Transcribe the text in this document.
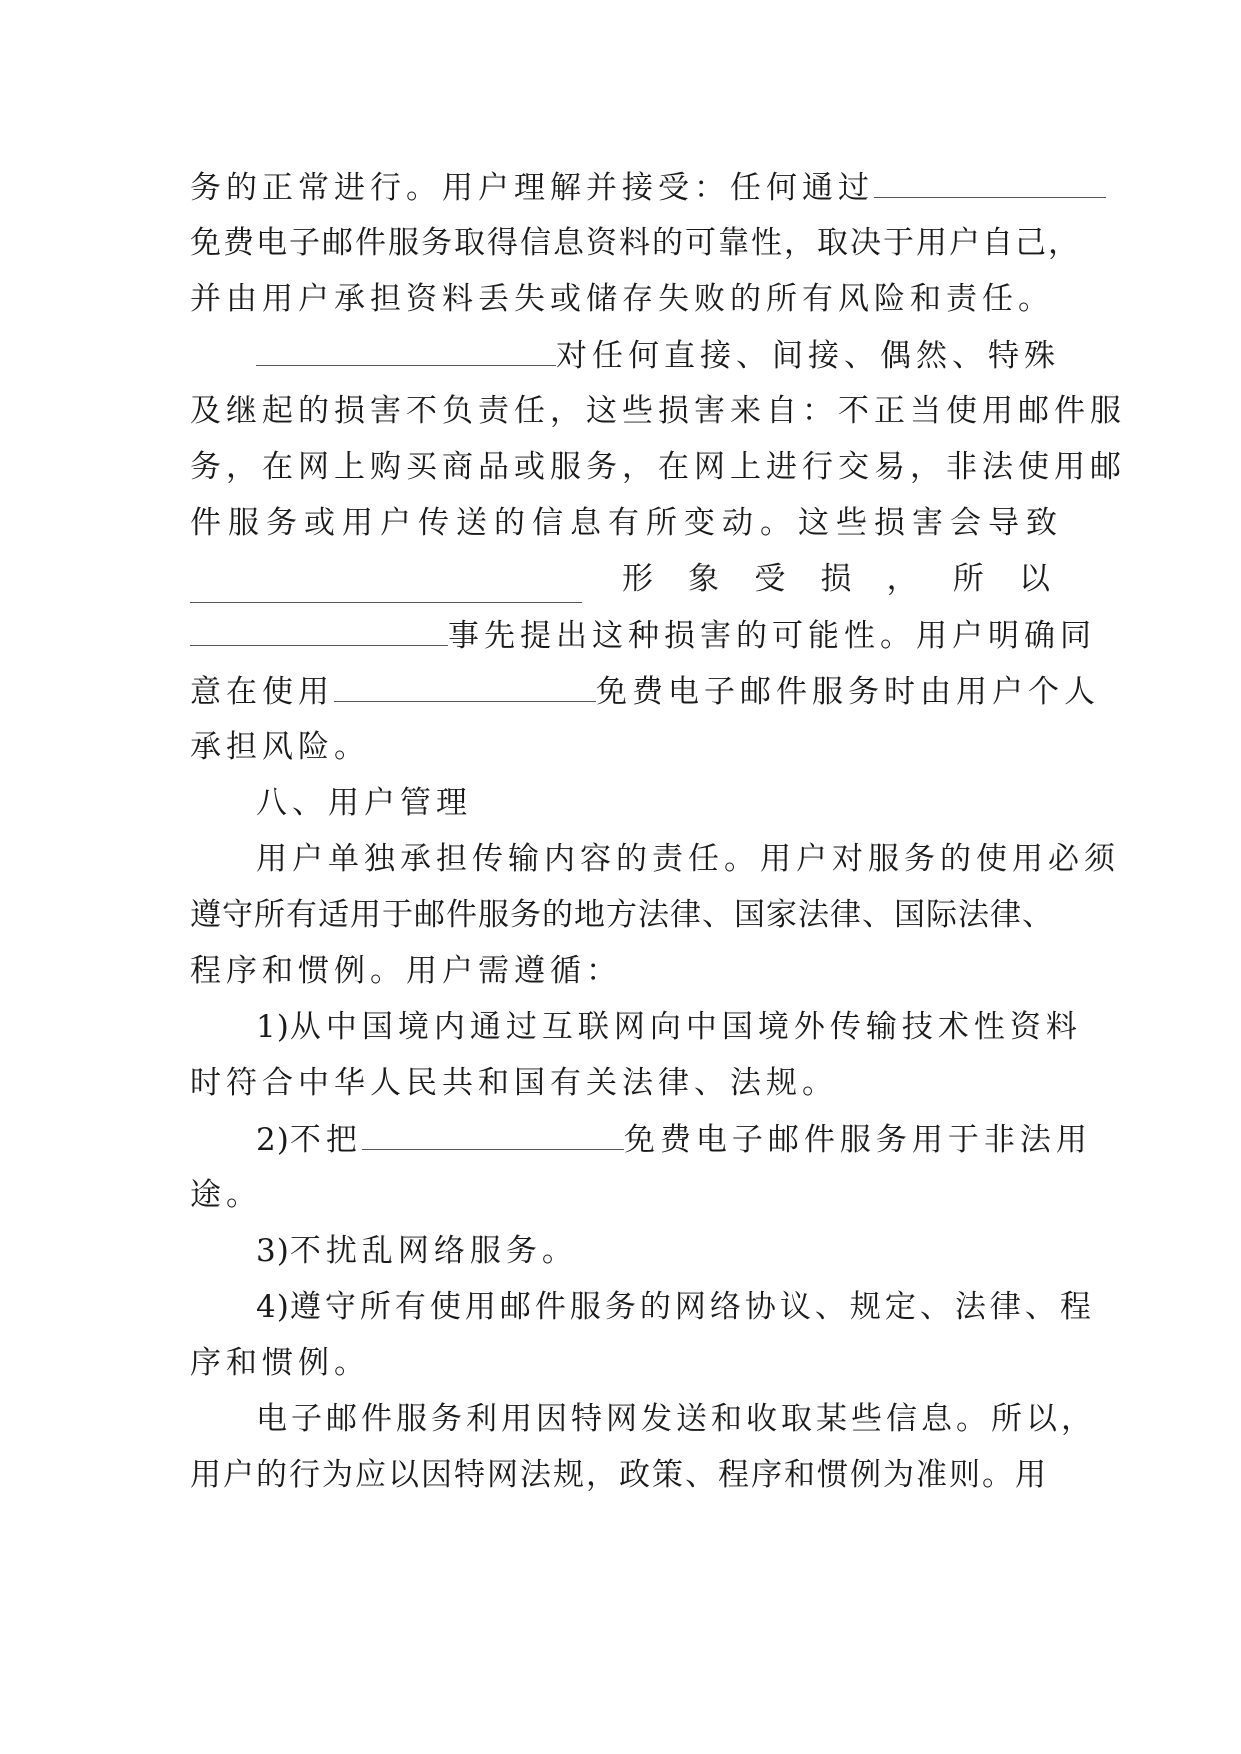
务的正常进行。用户理解并接受：任何通过
免费电子邮件服务取得信息资料的可靠性，取决于用户自己，
并由用户承担资料丢失或储存失败的所有风险和责任。
对任何直接、间接、偶然、特殊
及继起的损害不负责任，这些损害来自：不正当使用邮件服
务，在网上购买商品或服务，在网上进行交易，非法使用邮
件服务或用户传送的信息有所变动。这些损害会导致
形 象 受 损 ， 所 以
事先提出这种损害的可能性。用户明确同
意在使用	免费电子邮件服务时由用户个人
承担风险。
八、用户管理
用户单独承担传输内容的责任。用户对服务的使用必须
遵守所有适用于邮件服务的地方法律、国家法律、国际法律、
程序和惯例。用户需遵循：
1)从中国境内通过互联网向中国境外传输技术性资料
时符合中华人民共和国有关法律、法规。
2)不把	免费电子邮件服务用于非法用
途。
3)不扰乱网络服务。
4)遵守所有使用邮件服务的网络协议、规定、法律、程
序和惯例。
电子邮件服务利用因特网发送和收取某些信息。所以，
用户的行为应以因特网法规，政策、程序和惯例为准则。用
